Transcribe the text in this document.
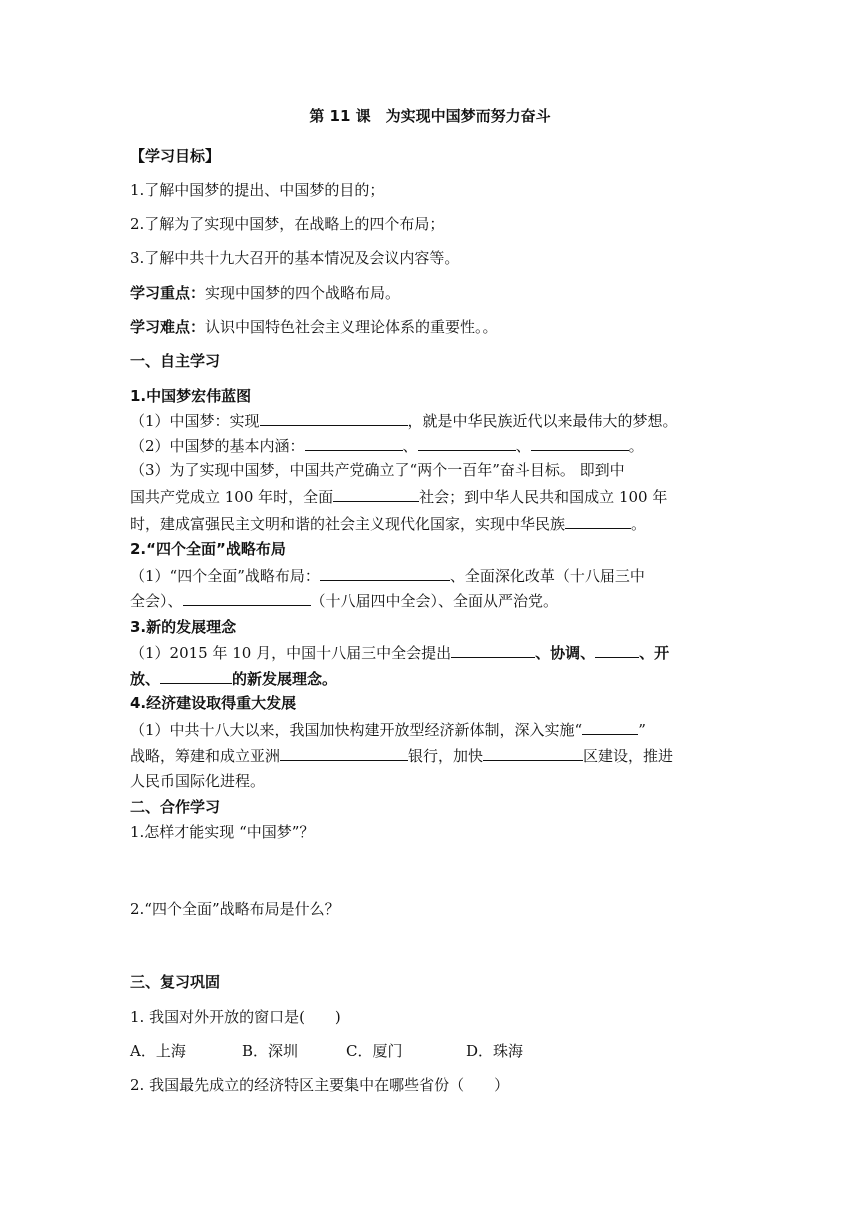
第 11 课　为实现中国梦而努力奋斗
【学习目标】
1.了解中国梦的提出、中国梦的目的；
2.了解为了实现中国梦，在战略上的四个布局；
3.了解中共十九大召开的基本情况及会议内容等。
学习重点：实现中国梦的四个战略布局。
学习难点：认识中国特色社会主义理论体系的重要性。。
一、自主学习
1.中国梦宏伟蓝图
（1）中国梦：实现	，就是中华民族近代以来最伟大的梦想。
（2）中国梦的基本内涵：	、	、	。
（3）为了实现中国梦，中国共产党确立了“两个一百年”奋斗目标。 即到中
国共产党成立 100 年时，全面	社会；到中华人民共和国成立 100 年
时，建成富强民主文明和谐的社会主义现代化国家，实现中华民族	。
2.“四个全面”战略布局
（1）“四个全面”战略布局：	、全面深化改革（十八届三中
全会）、	（十八届四中全会）、全面从严治党。
3.新的发展理念
（1）2015 年 10 月，中国十八届三中全会提出	、协调、	、开
放、	的新发展理念。
4.经济建设取得重大发展
（1）中共十八大以来，我国加快构建开放型经济新体制，深入实施“	”
战略，筹建和成立亚洲	银行，加快	区建设，推进
人民币国际化进程。
二、合作学习
1.怎样才能实现 “中国梦”？
2.“四个全面”战略布局是什么？
三、复习巩固
1. 我国对外开放的窗口是(　　)
A．上海	B．深圳	C．厦门	D．珠海
2. 我国最先成立的经济特区主要集中在哪些省份（　　）
